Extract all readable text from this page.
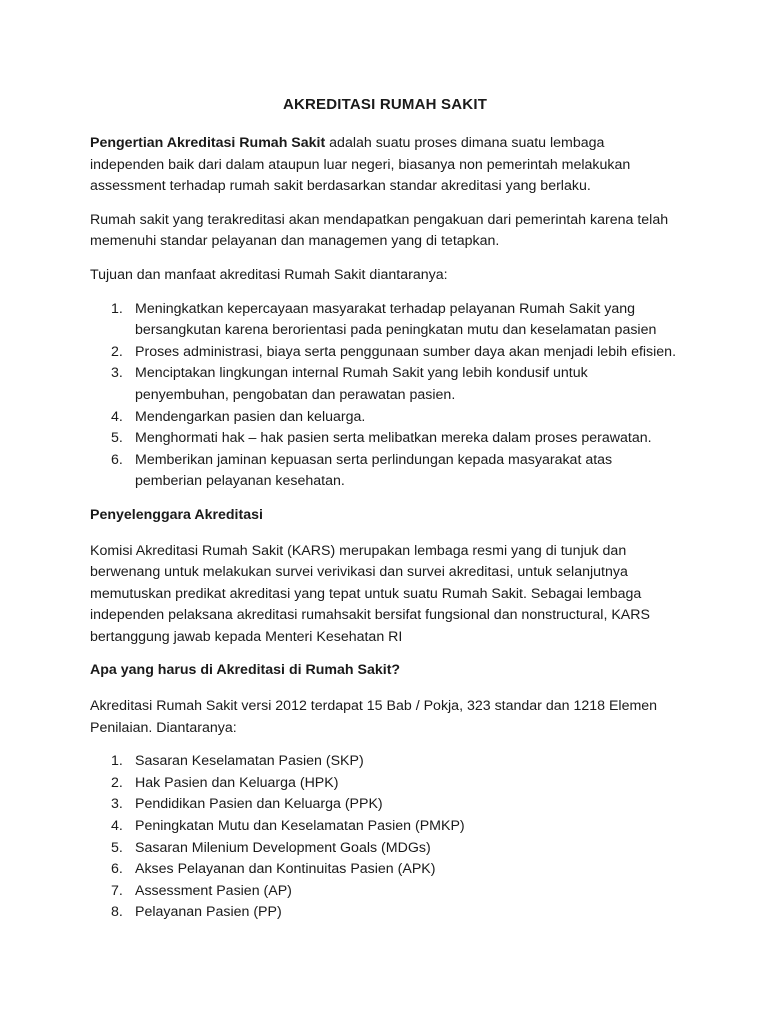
AKREDITASI RUMAH SAKIT

Pengertian Akreditasi Rumah Sakit adalah suatu proses dimana suatu lembaga independen baik dari dalam ataupun luar negeri, biasanya non pemerintah melakukan assessment terhadap rumah sakit berdasarkan standar akreditasi yang berlaku.

Rumah sakit yang terakreditasi akan mendapatkan pengakuan dari pemerintah karena telah memenuhi standar pelayanan dan managemen yang di tetapkan.

Tujuan dan manfaat akreditasi Rumah Sakit diantaranya:

1. Meningkatkan kepercayaan masyarakat terhadap pelayanan Rumah Sakit yang bersangkutan karena berorientasi pada peningkatan mutu dan keselamatan pasien
2. Proses administrasi, biaya serta penggunaan sumber daya akan menjadi lebih efisien.
3. Menciptakan lingkungan internal Rumah Sakit yang lebih kondusif untuk penyembuhan, pengobatan dan perawatan pasien.
4. Mendengarkan pasien dan keluarga.
5. Menghormati hak – hak pasien serta melibatkan mereka dalam proses perawatan.
6. Memberikan jaminan kepuasan serta perlindungan kepada masyarakat atas pemberian pelayanan kesehatan.

Penyelenggara Akreditasi

Komisi Akreditasi Rumah Sakit (KARS) merupakan lembaga resmi yang di tunjuk dan berwenang untuk melakukan survei verivikasi dan survei akreditasi, untuk selanjutnya memutuskan predikat akreditasi yang tepat untuk suatu Rumah Sakit. Sebagai lembaga independen pelaksana akreditasi rumahsakit bersifat fungsional dan nonstructural, KARS bertanggung jawab kepada Menteri Kesehatan RI

Apa yang harus di Akreditasi di Rumah Sakit?

Akreditasi Rumah Sakit versi 2012 terdapat 15 Bab / Pokja, 323 standar dan 1218 Elemen Penilaian. Diantaranya:

1. Sasaran Keselamatan Pasien (SKP)
2. Hak Pasien dan Keluarga (HPK)
3. Pendidikan Pasien dan Keluarga (PPK)
4. Peningkatan Mutu dan Keselamatan Pasien (PMKP)
5. Sasaran Milenium Development Goals (MDGs)
6. Akses Pelayanan dan Kontinuitas Pasien (APK)
7. Assessment Pasien (AP)
8. Pelayanan Pasien (PP)
